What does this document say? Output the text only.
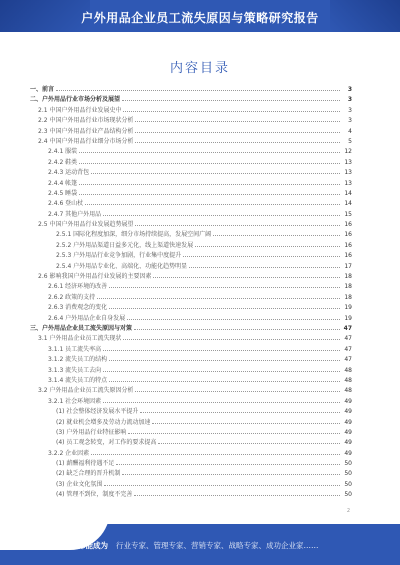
户外用品企业员工流失原因与策略研究报告
内容目录
一、前言	3
二、户外用品行业市场分析及展望	3
2.1 中国户外用品行业发展史中	3
2.2 中国户外用品行业市场现状分析	3
2.3 中国户外用品行业产品结构分析	4
2.4 中国户外用品行业细分市场分析	5
2.4.1 服装	12
2.4.2 鞋类	13
2.4.3 运动背包	13
2.4.4 帐篷	13
2.4.5 睡袋	14
2.4.6 登山杖	14
2.4.7 其他户外用品	15
2.5 中国户外用品行业发展趋势展望	16
2.5.1 国际化程度加深，细分市场持续提高，发展空间广阔	16
2.5.2 户外用品渠道日益多元化，线上渠道快速发展	16
2.5.3 户外用品行业竞争加剧，行业集中度提升	16
2.5.4 户外用品专业化、高端化、功能化趋势明显	17
2.6 影响我国户外用品行业发展的主要因素	18
2.6.1 经济环境的改善	18
2.6.2 政策的支持	18
2.6.3 消费观念的变化	19
2.6.4 户外用品企业自身发展	19
三、户外用品企业员工流失原因与对策	47
3.1 户外用品企业员工流失现状	47
3.1.1 员工流失率高	47
3.1.2 流失员工的结构	47
3.1.3 流失员工去向	48
3.1.4 流失员工的特点	48
3.2 户外用品企业员工流失原因分析	48
3.2.1 社会环境因素	49
(1) 社会整体经济发展水平提升	49
(2) 就业机会增多及劳动力流动加速	49
(3) 户外用品行业特征影响	49
(4) 员工观念转变，对工作的要求提高	49
3.2.2 企业因素	49
(1) 薪酬福利待遇不足	50
(2) 缺乏合理的晋升机制	50
(3) 企业文化氛围	50
(4) 管理不到位，制度不完善	50
2
让每个人都能成为 行业专家、管理专家、营销专家、战略专家、成功企业家……
